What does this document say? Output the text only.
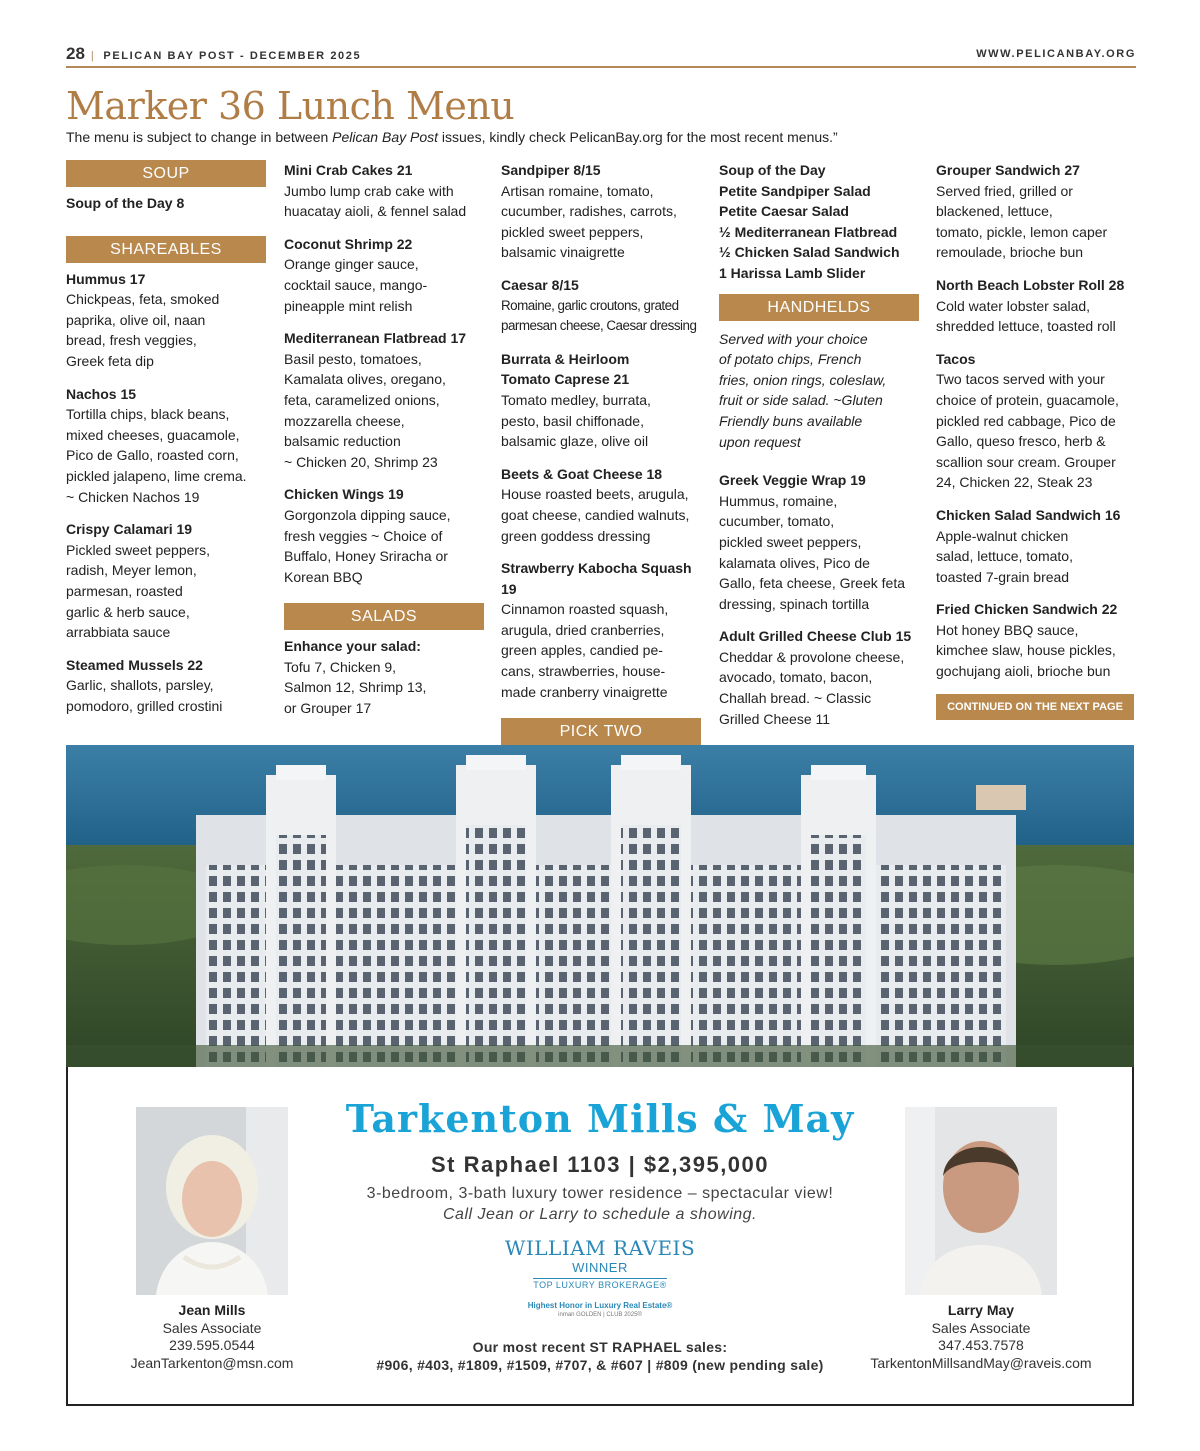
28 | PELICAN BAY POST - DECEMBER 2025	WWW.PELICANBAY.ORG
Marker 36 Lunch Menu
The menu is subject to change in between Pelican Bay Post issues, kindly check PelicanBay.org for the most recent menus.”
SOUP
Soup of the Day 8
SHAREABLES
Hummus 17
Chickpeas, feta, smoked
paprika, olive oil, naan
bread, fresh veggies,
Greek feta dip
Nachos 15
Tortilla chips, black beans,
mixed cheeses, guacamole,
Pico de Gallo, roasted corn,
pickled jalapeno, lime crema.
~ Chicken Nachos 19
Crispy Calamari 19
Pickled sweet peppers,
radish, Meyer lemon,
parmesan, roasted
garlic & herb sauce,
arrabbiata sauce
Steamed Mussels 22
Garlic, shallots, parsley,
pomodoro, grilled crostini
Mini Crab Cakes 21
Jumbo lump crab cake with
huacatay aioli, & fennel salad
Coconut Shrimp 22
Orange ginger sauce,
cocktail sauce, mango-
pineapple mint relish
Mediterranean Flatbread 17
Basil pesto, tomatoes,
Kamalata olives, oregano,
feta, caramelized onions,
mozzarella cheese,
balsamic reduction
~ Chicken 20, Shrimp 23
Chicken Wings 19
Gorgonzola dipping sauce,
fresh veggies ~ Choice of
Buffalo, Honey Sriracha or
Korean BBQ
SALADS
Enhance your salad:
Tofu 7, Chicken 9,
Salmon 12, Shrimp 13,
or Grouper 17
Sandpiper 8/15
Artisan romaine, tomato,
cucumber, radishes, carrots,
pickled sweet peppers,
balsamic vinaigrette
Caesar 8/15
Romaine, garlic croutons, grated
parmesan cheese, Caesar dressing
Burrata & Heirloom
Tomato Caprese 21
Tomato medley, burrata,
pesto, basil chiffonade,
balsamic glaze, olive oil
Beets & Goat Cheese 18
House roasted beets, arugula,
goat cheese, candied walnuts,
green goddess dressing
Strawberry Kabocha Squash 19
Cinnamon roasted squash,
arugula, dried cranberries,
green apples, candied pe-
cans, strawberries, house-
made cranberry vinaigrette
PICK TWO
Soup of the Day
Petite Sandpiper Salad
Petite Caesar Salad
½ Mediterranean Flatbread
½ Chicken Salad Sandwich
1 Harissa Lamb Slider
HANDHELDS
Served with your choice
of potato chips, French
fries, onion rings, coleslaw,
fruit or side salad. ~Gluten
Friendly buns available
upon request
Greek Veggie Wrap 19
Hummus, romaine,
cucumber, tomato,
pickled sweet peppers,
kalamata olives, Pico de
Gallo, feta cheese, Greek feta
dressing, spinach tortilla
Adult Grilled Cheese Club 15
Cheddar & provolone cheese,
avocado, tomato, bacon,
Challah bread. ~ Classic
Grilled Cheese 11
Grouper Sandwich 27
Served fried, grilled or
blackened, lettuce,
tomato, pickle, lemon caper
remoulade, brioche bun
North Beach Lobster Roll 28
Cold water lobster salad,
shredded lettuce, toasted roll
Tacos
Two tacos served with your
choice of protein, guacamole,
pickled red cabbage, Pico de
Gallo, queso fresco, herb &
scallion sour cream. Grouper
24, Chicken 22, Steak 23
Chicken Salad Sandwich 16
Apple-walnut chicken
salad, lettuce, tomato,
toasted 7-grain bread
Fried Chicken Sandwich 22
Hot honey BBQ sauce,
kimchee slaw, house pickles,
gochujang aioli, brioche bun
CONTINUED ON THE NEXT PAGE
Jean Mills
Sales Associate
239.595.0544
JeanTarkenton@msn.com
Larry May
Sales Associate
347.453.7578
TarkentonMillsandMay@raveis.com
Tarkenton Mills & May
St Raphael 1103 | $2,395,000
3-bedroom, 3-bath luxury tower residence – spectacular view!
Call Jean or Larry to schedule a showing.
WILLIAM RAVEIS
WINNER
TOP LUXURY BROKERAGE®
Highest Honor in Luxury Real Estate®
inman GOLDEN | CLUB 2025®
Our most recent ST RAPHAEL sales:
#906, #403, #1809, #1509, #707, & #607 | #809 (new pending sale)
